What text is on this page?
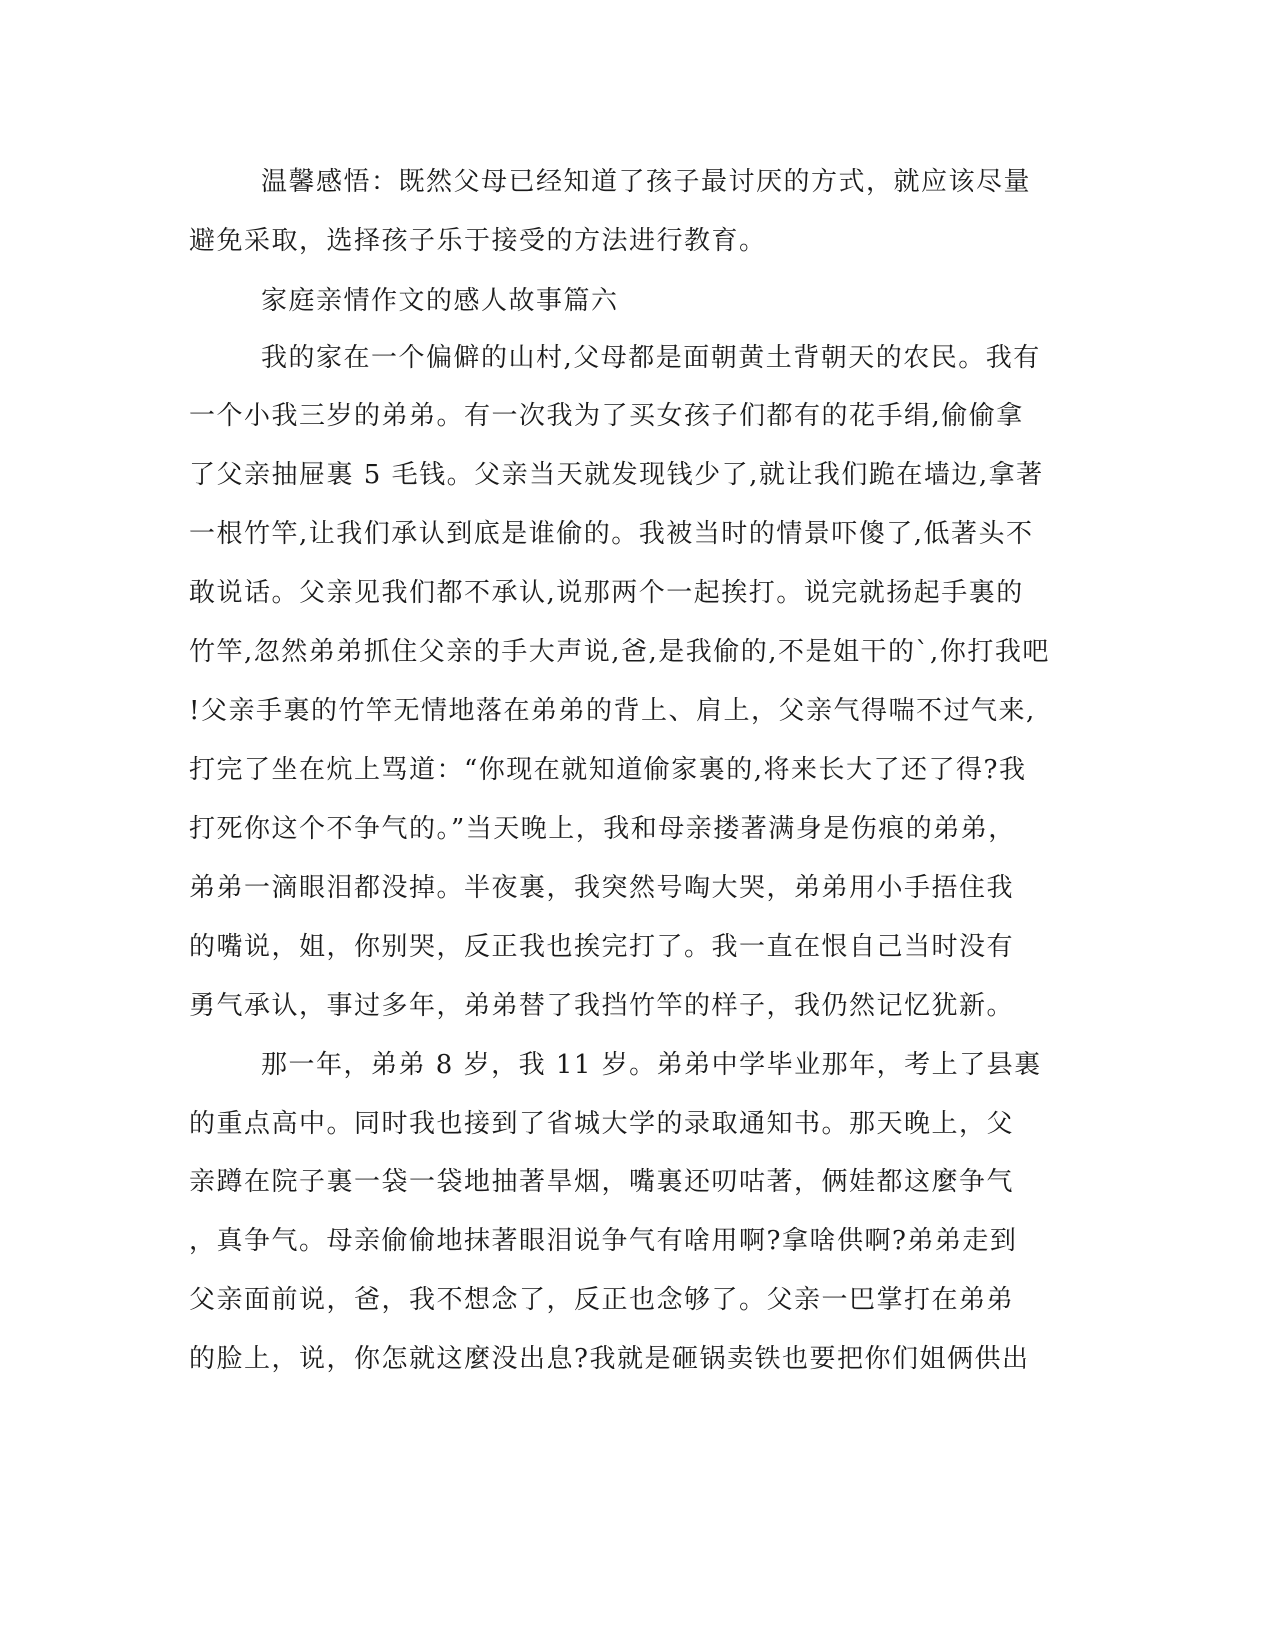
温馨感悟：既然父母已经知道了孩子最讨厌的方式，就应该尽量
避免采取，选择孩子乐于接受的方法进行教育。
家庭亲情作文的感人故事篇六
我的家在一个偏僻的山村,父母都是面朝黄土背朝天的农民。我有
一个小我三岁的弟弟。有一次我为了买女孩子们都有的花手绢,偷偷拿
了父亲抽屉裏 5 毛钱。父亲当天就发现钱少了,就让我们跪在墙边,拿著
一根竹竿,让我们承认到底是谁偷的。我被当时的情景吓傻了,低著头不
敢说话。父亲见我们都不承认,说那两个一起挨打。说完就扬起手裏的
竹竿,忽然弟弟抓住父亲的手大声说,爸,是我偷的,不是姐干的`,你打我吧
!父亲手裏的竹竿无情地落在弟弟的背上、肩上，父亲气得喘不过气来,
打完了坐在炕上骂道：“你现在就知道偷家裏的,将来长大了还了得?我
打死你这个不争气的。”当天晚上，我和母亲搂著满身是伤痕的弟弟，
弟弟一滴眼泪都没掉。半夜裏，我突然号啕大哭，弟弟用小手捂住我
的嘴说，姐，你别哭，反正我也挨完打了。我一直在恨自己当时没有
勇气承认，事过多年，弟弟替了我挡竹竿的样子，我仍然记忆犹新。
那一年，弟弟 8 岁，我 11 岁。弟弟中学毕业那年，考上了县裏
的重点高中。同时我也接到了省城大学的录取通知书。那天晚上，父
亲蹲在院子裏一袋一袋地抽著旱烟，嘴裏还叨咕著，俩娃都这麼争气
，真争气。母亲偷偷地抹著眼泪说争气有啥用啊?拿啥供啊?弟弟走到
父亲面前说，爸，我不想念了，反正也念够了。父亲一巴掌打在弟弟
的脸上，说，你怎就这麼没出息?我就是砸锅卖铁也要把你们姐俩供出
